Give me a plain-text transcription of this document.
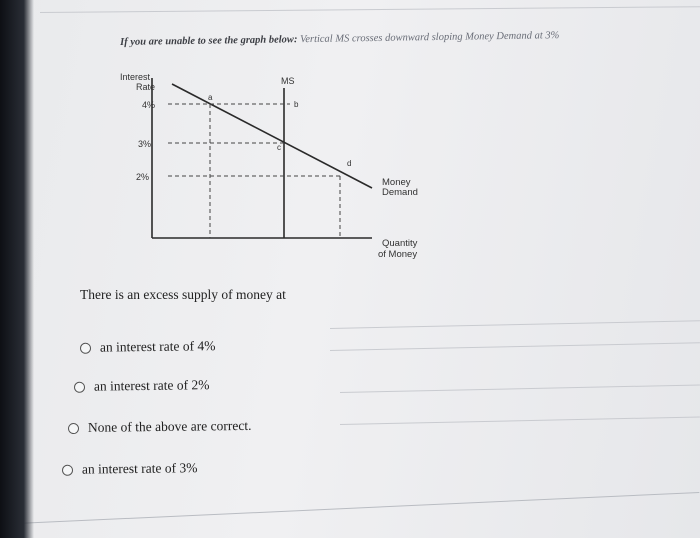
If you are unable to see the graph below: Vertical MS crosses downward sloping Money Demand at 3%
Interest Rate
4%
3%
2%
MS
a
b
c
d
Money Demand
Quantity of Money
There is an excess supply of money at
an interest rate of 4%
an interest rate of 2%
None of the above are correct.
an interest rate of 3%
